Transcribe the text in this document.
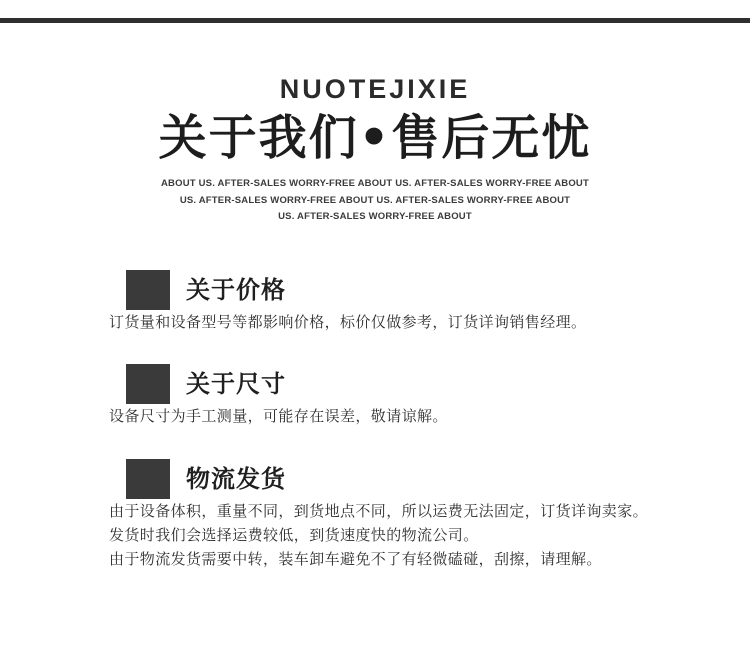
NUOTEJIXIE
关于我们•售后无忧
ABOUT US. AFTER-SALES WORRY-FREE ABOUT US. AFTER-SALES WORRY-FREE ABOUT
US. AFTER-SALES WORRY-FREE ABOUT US. AFTER-SALES WORRY-FREE ABOUT
US. AFTER-SALES WORRY-FREE ABOUT
关于价格

订货量和设备型号等都影响价格，标价仅做参考，订货详询销售经理。

关于尺寸

设备尺寸为手工测量，可能存在误差，敬请谅解。

物流发货

由于设备体积，重量不同，到货地点不同，所以运费无法固定，订货详询卖家。

发货时我们会选择运费较低，到货速度快的物流公司。

由于物流发货需要中转，装车卸车避免不了有轻微磕碰，刮擦，请理解。
